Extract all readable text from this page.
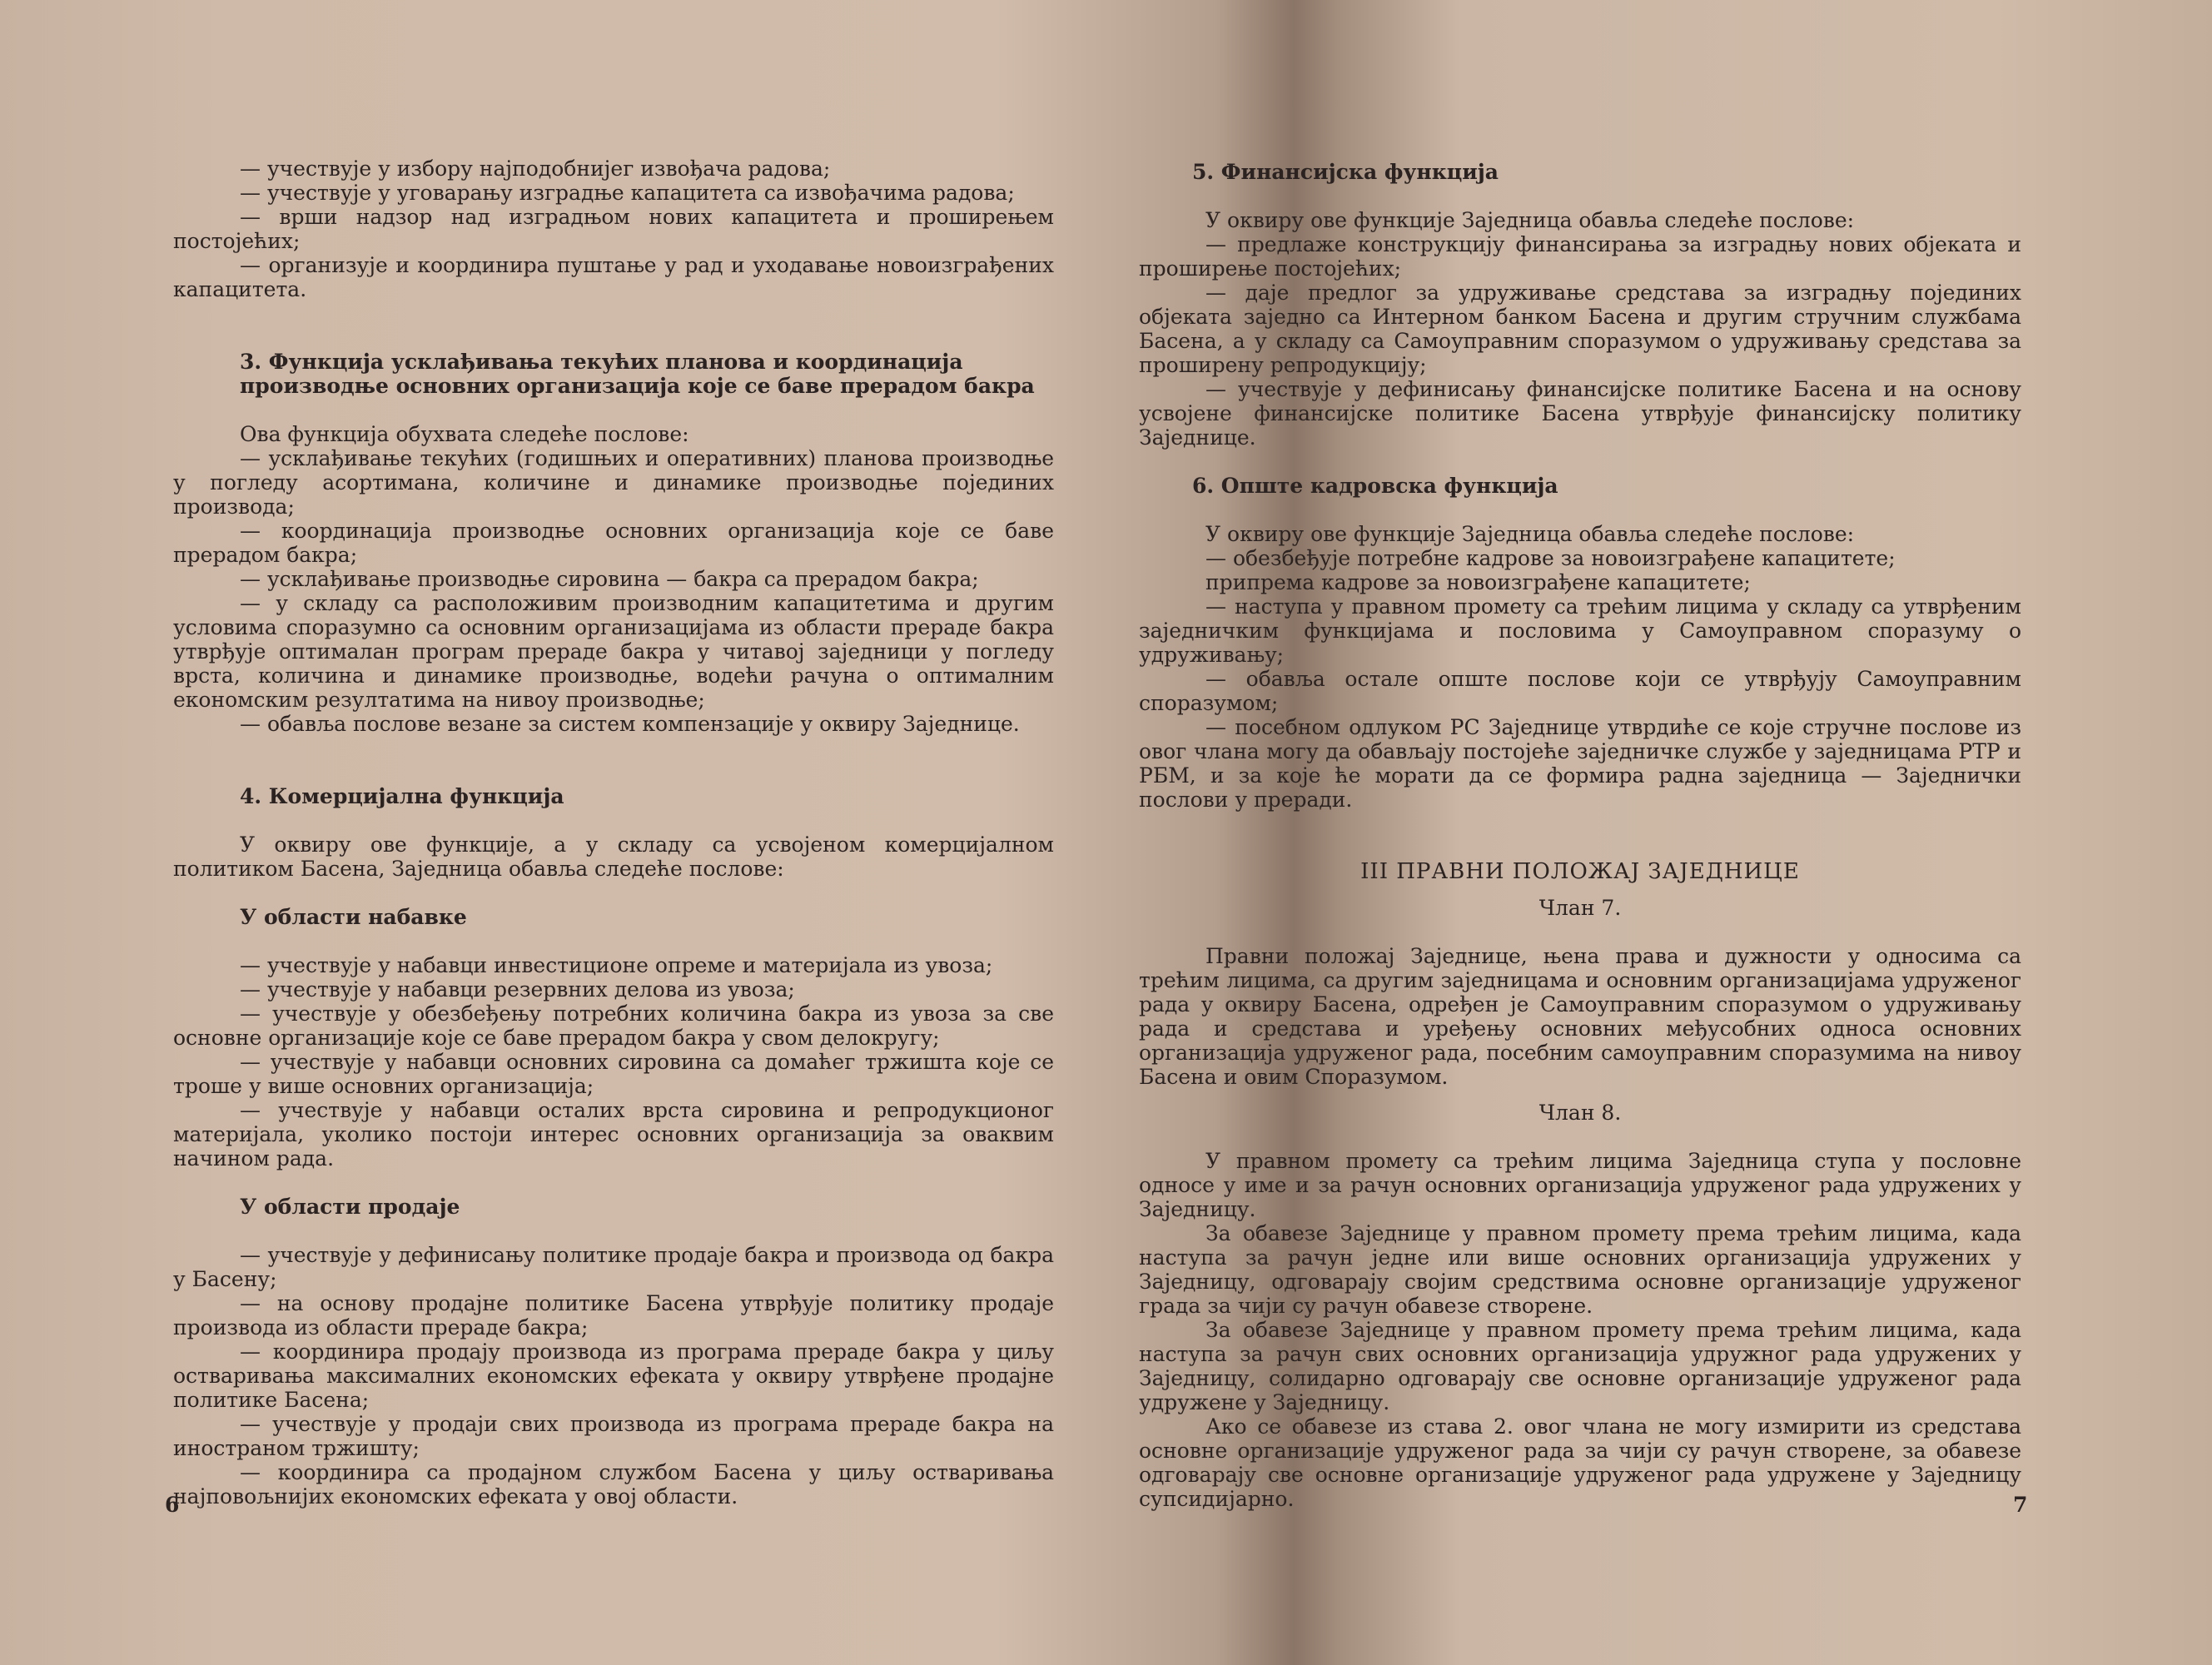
— учествује у избору најподобнијег извођача радова;

— учествује у уговарању изградње капацитета са извођачима радова;

— врши надзор над изградњом нових капацитета и проширењем постојећих;

— организује и координира пуштање у рад и уходавање новоизграђених капацитета.

3. Функција усклађивања текућих планова и координација производње основних организација које се баве прерадом бакра

Ова функција обухвата следеће послове:

— усклађивање текућих (годишњих и оперативних) планова производње у погледу асортимана, количине и динамике производње појединих производа;

— координација производње основних организација које се баве прерадом бакра;

— усклађивање производње сировина — бакра са прерадом бакра;

— у складу са расположивим производним капацитетима и другим условима споразумно са основним организацијама из области прераде бакра утврђује оптималан програм прераде бакра у читавој заједници у погледу врста, количина и динамике производње, водећи рачуна о оптималним економским резултатима на нивоу производње;

— обавља послове везане за систем компензације у оквиру Заједнице.

4. Комерцијална функција

У оквиру ове функције, а у складу са усвојеном комерцијалном политиком Басена, Заједница обавља следеће послове:

У области набавке

— учествује у набавци инвестиционе опреме и материјала из увоза;

— учествује у набавци резервних делова из увоза;

— учествује у обезбеђењу потребних количина бакра из увоза за све основне организације које се баве прерадом бакра у свом делокругу;

— учествује у набавци основних сировина са домаћег тржишта које се троше у више основних организација;

— учествује у набавци осталих врста сировина и репродукционог материјала, уколико постоји интерес основних организација за оваквим начином рада.

У области продаје

— учествује у дефинисању политике продаје бакра и производа од бакра у Басену;

— на основу продајне политике Басена утврђује политику продаје производа из области прераде бакра;

— координира продају производа из програма прераде бакра у циљу остваривања максималних економских ефеката у оквиру утврђене продајне политике Басена;

— учествује у продаји свих производа из програма прераде бакра на иностраном тржишту;

— координира са продајном службом Басена у циљу остваривања најповољнијих економских ефеката у овој области.

6
5. Финансијска функција

У оквиру ове функције Заједница обавља следеће послове:

— предлаже конструкцију финансирања за изградњу нових објеката и проширење постојећих;

— даје предлог за удруживање средстава за изградњу појединих објеката заједно са Интерном банком Басена и другим стручним службама Басена, а у складу са Самоуправним споразумом о удруживању средстава за проширену репродукцију;

— учествује у дефинисању финансијске политике Басена и на основу усвојене финансијске политике Басена утврђује финансијску политику Заједнице.

6. Опште кадровска функција

У оквиру ове функције Заједница обавља следеће послове:

— обезбеђује потребне кадрове за новоизграђене капацитете;

припрема кадрове за новоизграђене капацитете;

— наступа у правном промету са трећим лицима у складу са утврђеним заједничким функцијама и пословима у Самоуправном споразуму о удруживању;

— обавља остале опште послове који се утврђују Самоуправним споразумом;

— посебном одлуком РС Заједнице утврдиће се које стручне послове из овог члана могу да обављају постојеће заједничке службе у заједницама РТР и РБМ, и за које ће морати да се формира радна заједница — Заједнички послови у преради.

III ПРАВНИ ПОЛОЖАЈ ЗАЈЕДНИЦЕ
Члан 7.

Правни положај Заједнице, њена права и дужности у односима са трећим лицима, са другим заједницама и основним организацијама удруженог рада у оквиру Басена, одређен је Самоуправним споразумом о удруживању рада и средстава и уређењу основних међусобних односа основних организација удруженог рада, посебним самоуправним споразумима на нивоу Басена и овим Споразумом.

Члан 8.

У правном промету са трећим лицима Заједница ступа у пословне односе у име и за рачун основних организација удруженог рада удружених у Заједницу.

За обавезе Заједнице у правном промету према трећим лицима, када наступа за рачун једне или више основних организација удружених у Заједницу, одговарају својим средствима основне организације удруженог града за чији су рачун обавезе створене.

За обавезе Заједнице у правном промету према трећим лицима, када наступа за рачун свих основних организација удружног рада удружених у Заједницу, солидарно одговарају све основне организације удруженог рада удружене у Заједницу.

Ако се обавезе из става 2. овог члана не могу измирити из средстава основне организације удруженог рада за чији су рачун створене, за обавезе одговарају све основне организације удруженог рада удружене у Заједницу супсидијарно.	7
